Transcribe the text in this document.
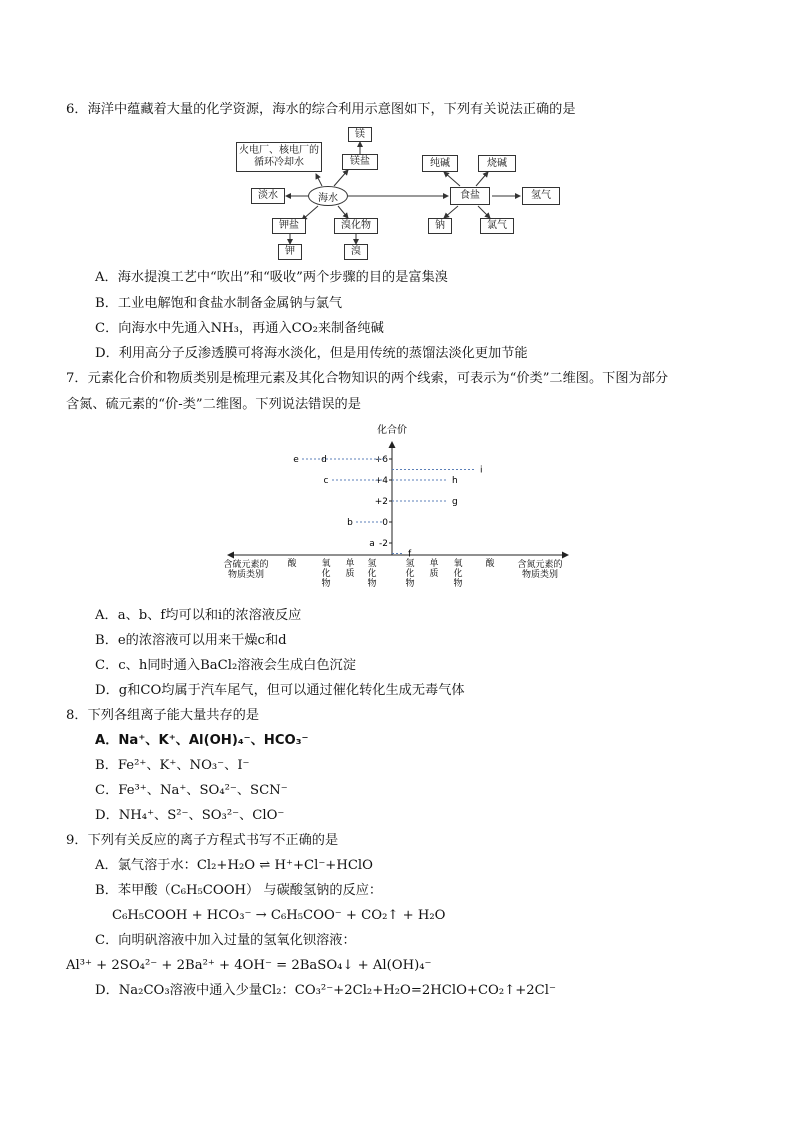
6．海洋中蕴藏着大量的化学资源，海水的综合利用示意图如下，下列有关说法正确的是
镁
火电厂、核电厂的循环冷却水	镁盐
淡水	海水
钾盐	溴化物
钾	溴
纯碱	烧碱
食盐	氢气
钠	氯气
A．海水提溴工艺中“吹出”和“吸收”两个步骤的目的是富集溴
B．工业电解饱和食盐水制备金属钠与氯气
C．向海水中先通入NH₃，再通入CO₂来制备纯碱
D．利用高分子反渗透膜可将海水淡化，但是用传统的蒸馏法淡化更加节能
7．元素化合价和物质类别是梳理元素及其化合物知识的两个线索，可表示为“价类”二维图。下图为部分
含氮、硫元素的“价-类”二维图。下列说法错误的是
化合价
+6
+4
+2
0
-2
酸	氧
化
物
单
质
氢
化
物
氢
化
物
单
质
氧
化
物
酸
e d
c
b
a
i
h
g
f
含硫元素的物质类别
含氮元素的物质类别
A．a、b、f均可以和i的浓溶液反应
B．e的浓溶液可以用来干燥c和d
C．c、h同时通入BaCl₂溶液会生成白色沉淀
D．g和CO均属于汽车尾气，但可以通过催化转化生成无毒气体
8．下列各组离子能大量共存的是
A．Na⁺、K⁺、Al(OH)₄⁻、HCO₃⁻
B．Fe²⁺、K⁺、NO₃⁻、I⁻
C．Fe³⁺、Na⁺、SO₄²⁻、SCN⁻
D．NH₄⁺、S²⁻、SO₃²⁻、ClO⁻
9．下列有关反应的离子方程式书写不正确的是
A．氯气溶于水：Cl₂+H₂O ⇌ H⁺+Cl⁻+HClO
B．苯甲酸（C₆H₅COOH） 与碳酸氢钠的反应：
C₆H₅COOH + HCO₃⁻ → C₆H₅COO⁻ + CO₂↑ + H₂O
C．向明矾溶液中加入过量的氢氧化钡溶液：
Al³⁺ + 2SO₄²⁻ + 2Ba²⁺ + 4OH⁻ = 2BaSO₄↓ + Al(OH)₄⁻
D．Na₂CO₃溶液中通入少量Cl₂：CO₃²⁻+2Cl₂+H₂O=2HClO+CO₂↑+2Cl⁻
